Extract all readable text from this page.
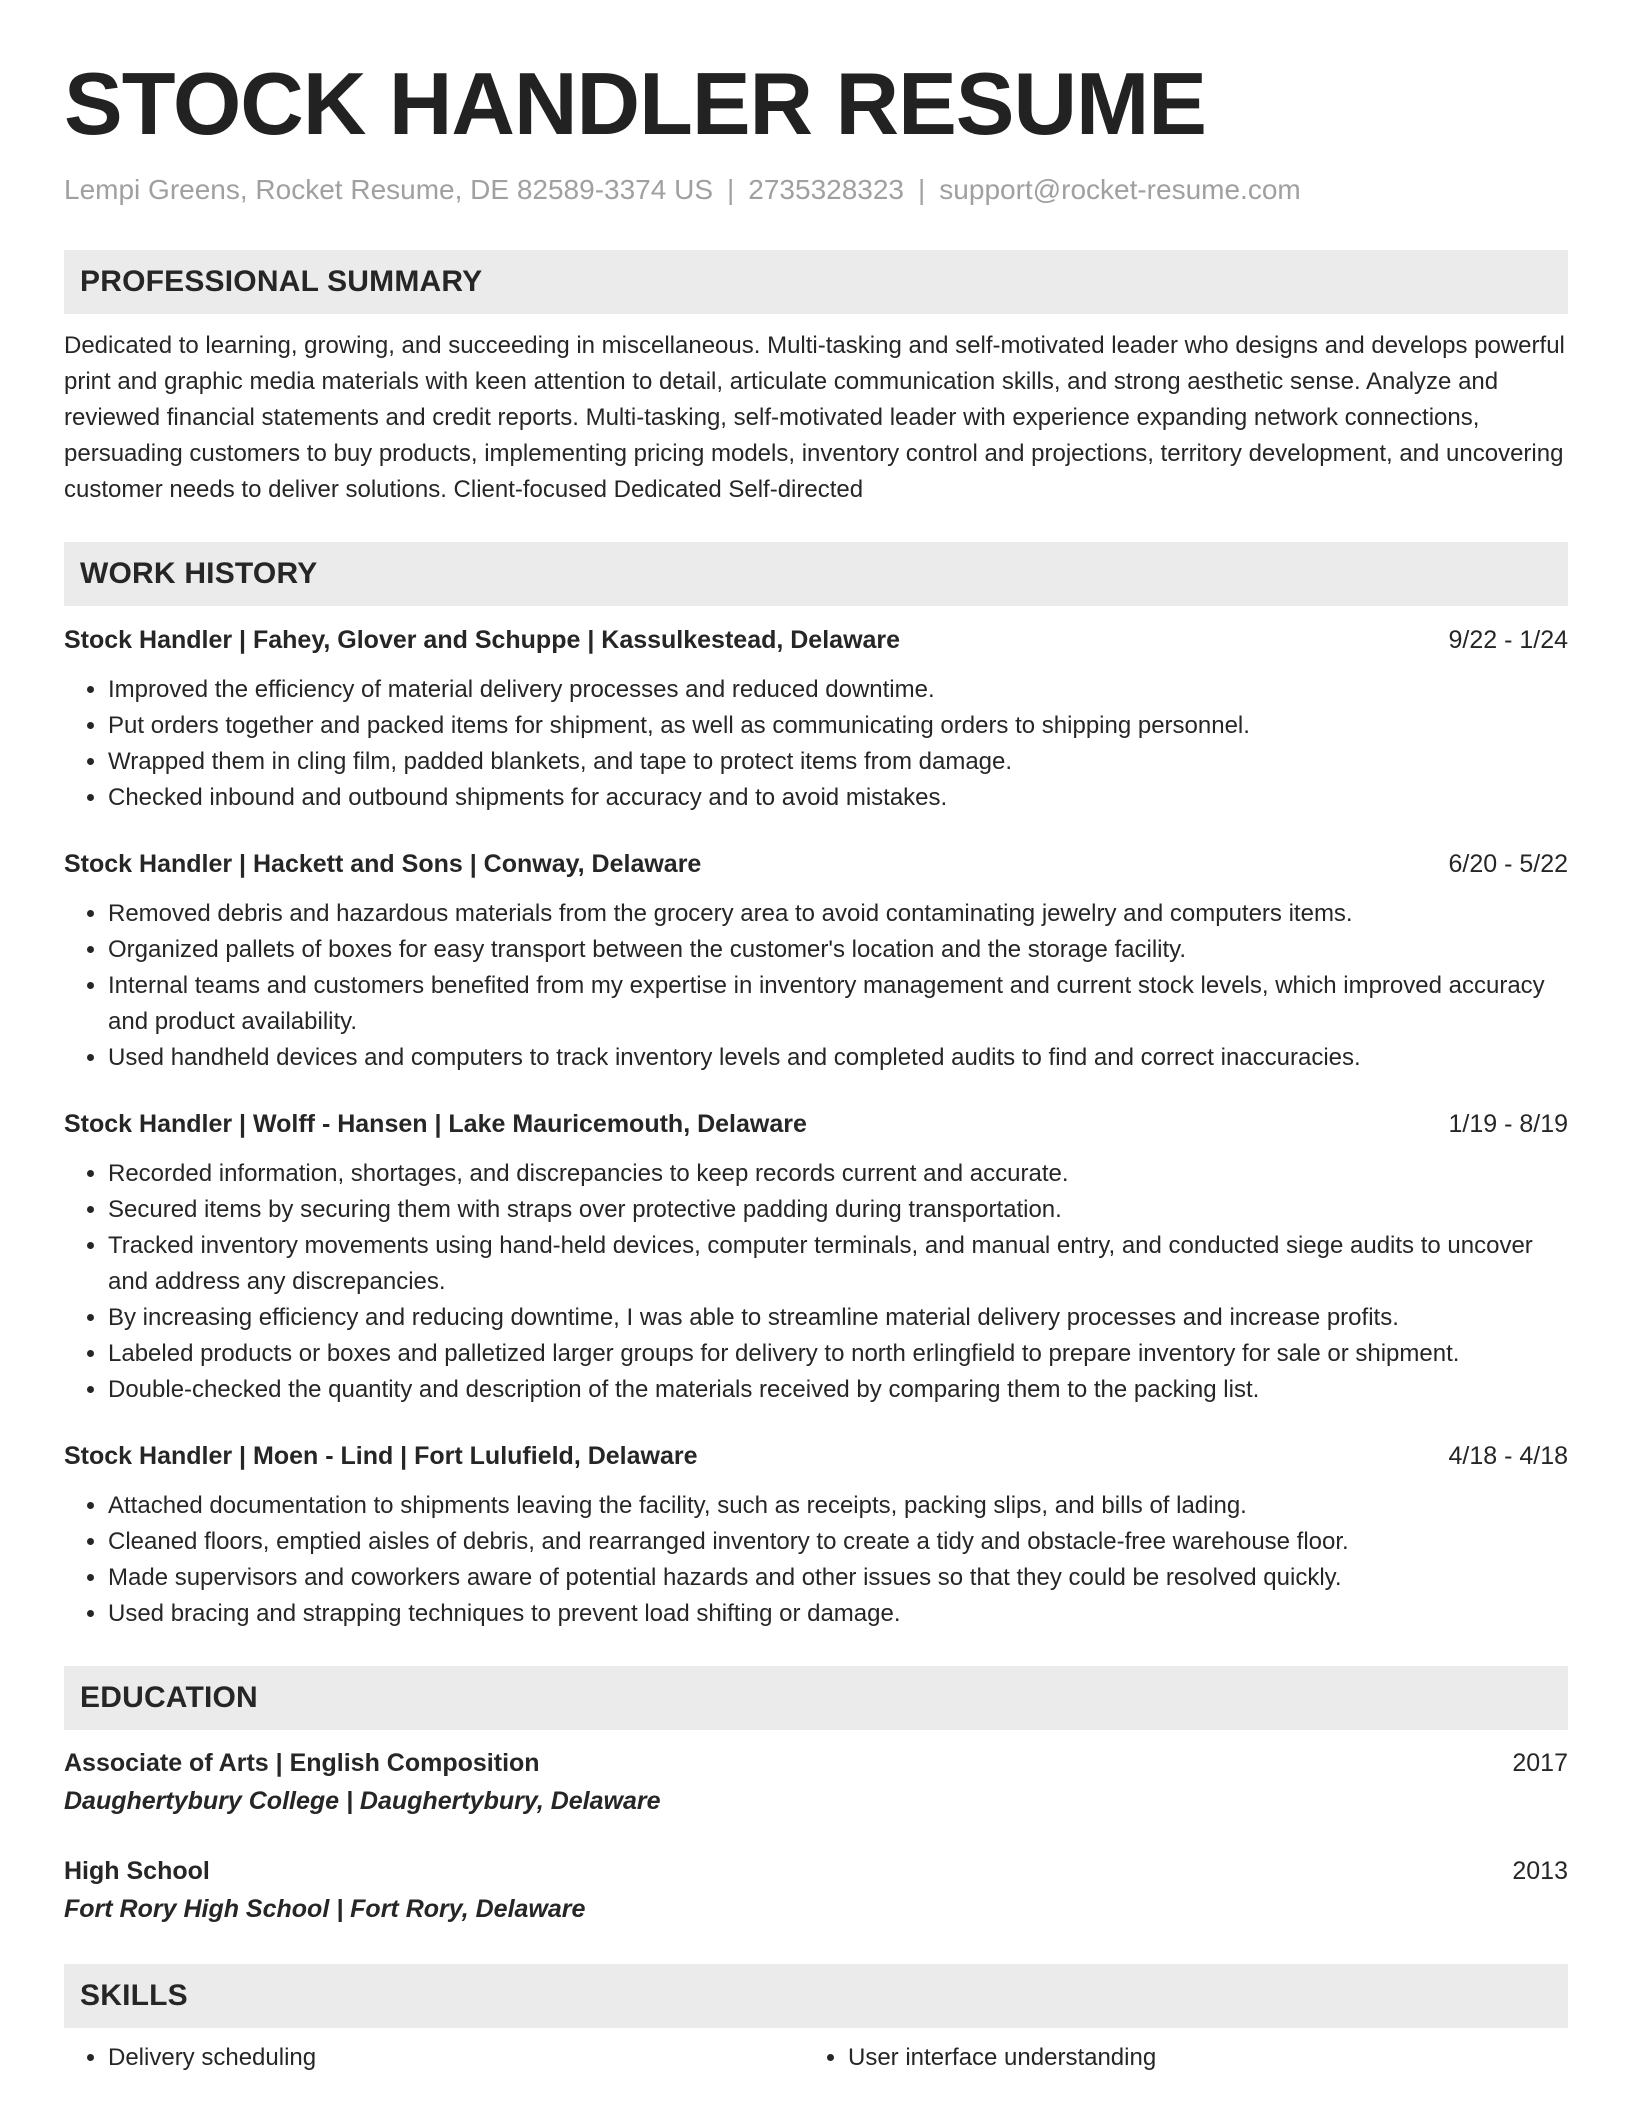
STOCK HANDLER RESUME
Lempi Greens, Rocket Resume, DE 82589-3374 US | 2735328323 | support@rocket-resume.com
PROFESSIONAL SUMMARY

Dedicated to learning, growing, and succeeding in miscellaneous. Multi-tasking and self-motivated leader who designs and develops powerful print and graphic media materials with keen attention to detail, articulate communication skills, and strong aesthetic sense. Analyze and reviewed financial statements and credit reports. Multi-tasking, self-motivated leader with experience expanding network connections, persuading customers to buy products, implementing pricing models, inventory control and projections, territory development, and uncovering customer needs to deliver solutions. Client-focused Dedicated Self-directed

WORK HISTORY
Stock Handler | Fahey, Glover and Schuppe | Kassulkestead, Delaware	9/22 - 1/24
• Improved the efficiency of material delivery processes and reduced downtime.
• Put orders together and packed items for shipment, as well as communicating orders to shipping personnel.
• Wrapped them in cling film, padded blankets, and tape to protect items from damage.
• Checked inbound and outbound shipments for accuracy and to avoid mistakes.
Stock Handler | Hackett and Sons | Conway, Delaware	6/20 - 5/22
• Removed debris and hazardous materials from the grocery area to avoid contaminating jewelry and computers items.
• Organized pallets of boxes for easy transport between the customer's location and the storage facility.
• Internal teams and customers benefited from my expertise in inventory management and current stock levels, which improved accuracy and product availability.
• Used handheld devices and computers to track inventory levels and completed audits to find and correct inaccuracies.
Stock Handler | Wolff - Hansen | Lake Mauricemouth, Delaware	1/19 - 8/19
• Recorded information, shortages, and discrepancies to keep records current and accurate.
• Secured items by securing them with straps over protective padding during transportation.
• Tracked inventory movements using hand-held devices, computer terminals, and manual entry, and conducted siege audits to uncover and address any discrepancies.
• By increasing efficiency and reducing downtime, I was able to streamline material delivery processes and increase profits.
• Labeled products or boxes and palletized larger groups for delivery to north erlingfield to prepare inventory for sale or shipment.
• Double-checked the quantity and description of the materials received by comparing them to the packing list.
Stock Handler | Moen - Lind | Fort Lulufield, Delaware	4/18 - 4/18
• Attached documentation to shipments leaving the facility, such as receipts, packing slips, and bills of lading.
• Cleaned floors, emptied aisles of debris, and rearranged inventory to create a tidy and obstacle-free warehouse floor.
• Made supervisors and coworkers aware of potential hazards and other issues so that they could be resolved quickly.
• Used bracing and strapping techniques to prevent load shifting or damage.
EDUCATION
Associate of Arts | English Composition	2017
Daughertybury College | Daughertybury, Delaware
High School	2013
Fort Rory High School | Fort Rory, Delaware
SKILLS
• Delivery scheduling
•	User interface understanding
